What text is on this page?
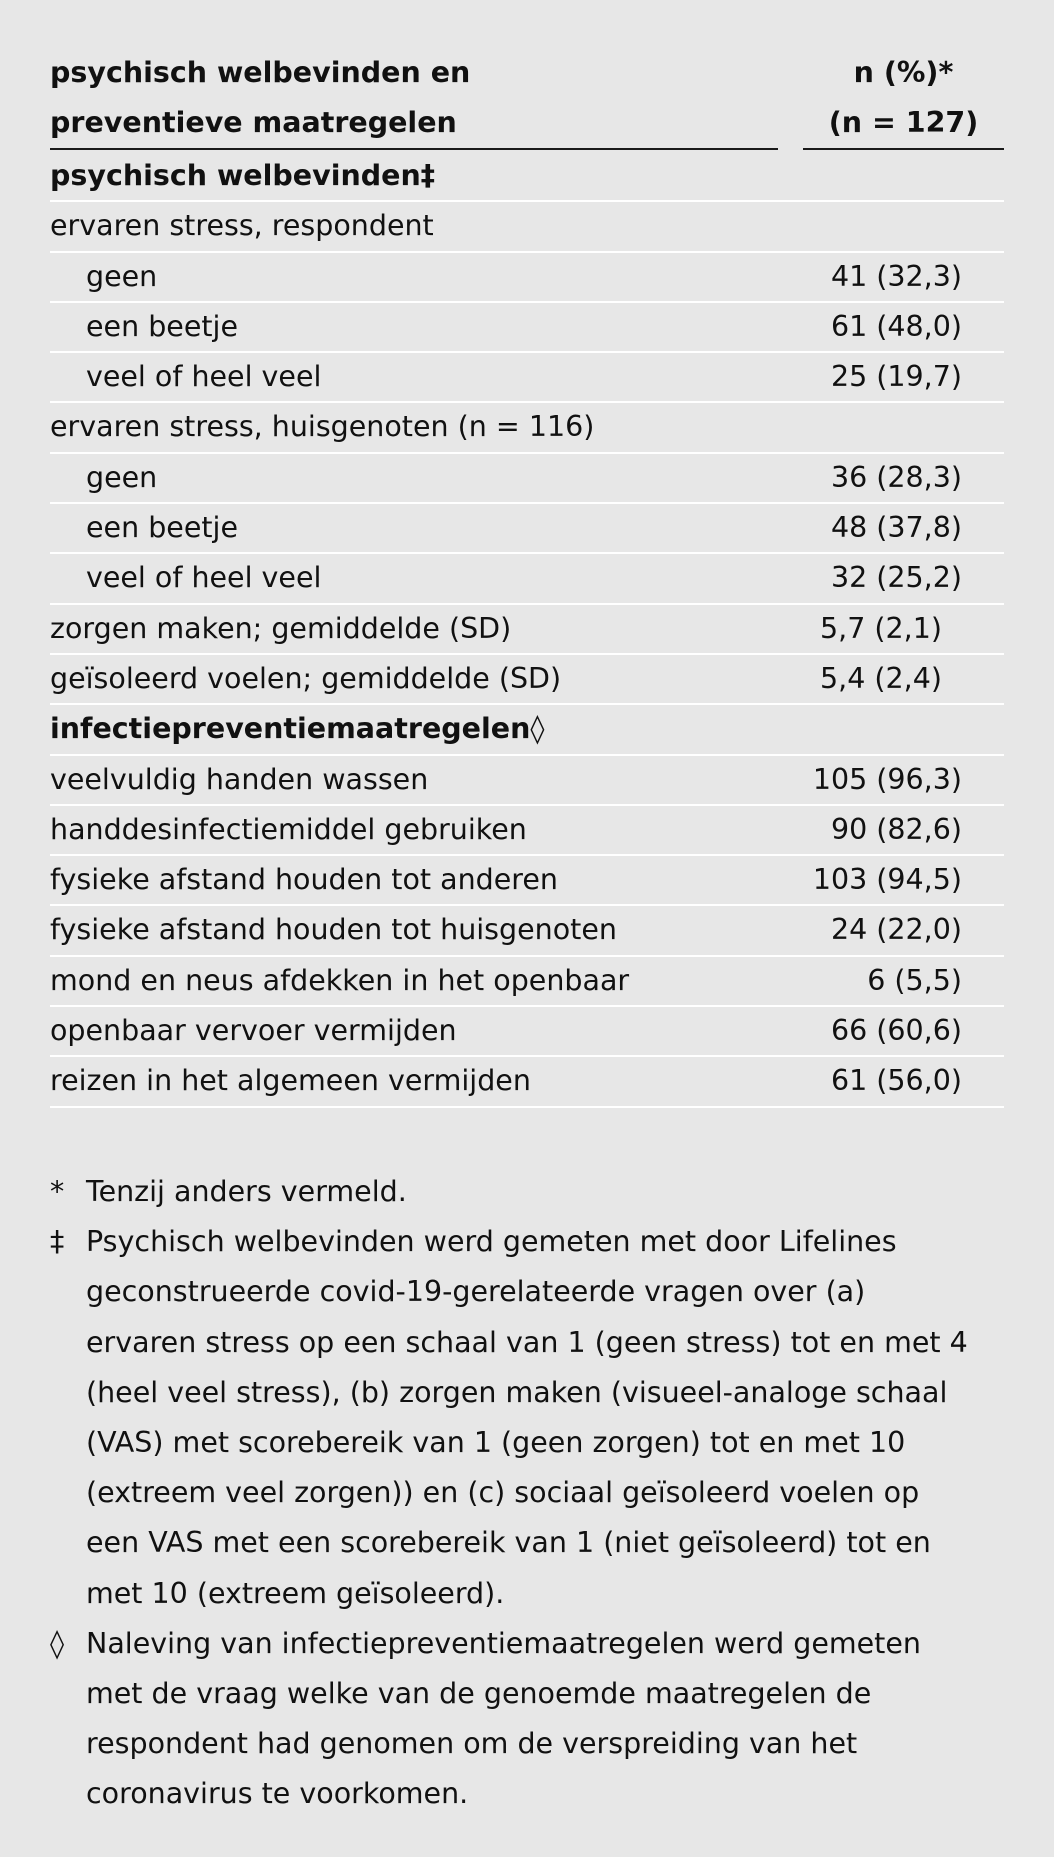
psychisch welbevinden en
preventieve maatregelen
n (%)*
(n = 127)
psychisch welbevinden‡
ervaren stress, respondent
geen	41 (32,3)
een beetje	61 (48,0)
veel of heel veel	25 (19,7)
ervaren stress, huisgenoten (n = 116)
geen	36 (28,3)
een beetje	48 (37,8)
veel of heel veel	32 (25,2)
zorgen maken; gemiddelde (SD)	5,7 (2,1)
geïsoleerd voelen; gemiddelde (SD)	5,4 (2,4)
infectiepreventiemaatregelen◊
veelvuldig handen wassen	105 (96,3)
handdesinfectiemiddel gebruiken	90 (82,6)
fysieke afstand houden tot anderen	103 (94,5)
fysieke afstand houden tot huisgenoten	24 (22,0)
mond en neus afdekken in het openbaar	6 (5,5)
openbaar vervoer vermijden	66 (60,6)
reizen in het algemeen vermijden	61 (56,0)
* Tenzij anders vermeld.
‡ Psychisch welbevinden werd gemeten met door Lifelines geconstrueerde covid-19-gerelateerde vragen over (a) ervaren stress op een schaal van 1 (geen stress) tot en met 4 (heel veel stress), (b) zorgen maken (visueel-analoge schaal (VAS) met scorebereik van 1 (geen zorgen) tot en met 10 (extreem veel zorgen)) en (c) sociaal geïsoleerd voelen op een VAS met een scorebereik van 1 (niet geïsoleerd) tot en met 10 (extreem geïsoleerd).
◊ Naleving van infectiepreventiemaatregelen werd gemeten met de vraag welke van de genoemde maatregelen de respondent had genomen om de verspreiding van het coronavirus te voorkomen.
